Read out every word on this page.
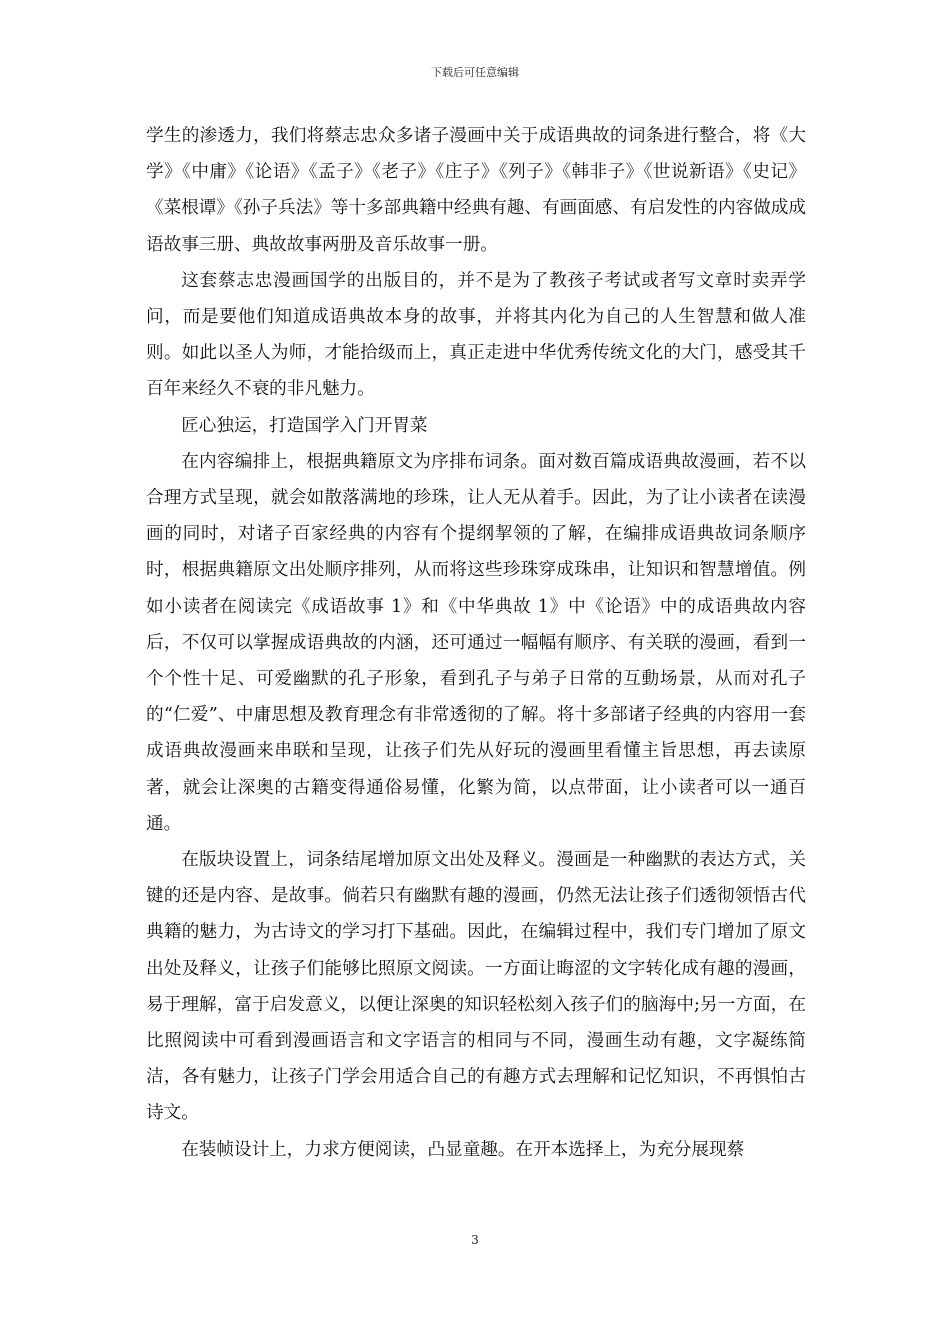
下载后可任意编辑

学生的渗透力，我们将蔡志忠众多诸子漫画中关于成语典故的词条进行整合，将《大学》《中庸》《论语》《孟子》《老子》《庄子》《列子》《韩非子》《世说新语》《史记》《菜根谭》《孙子兵法》等十多部典籍中经典有趣、有画面感、有启发性的内容做成成语故事三册、典故故事两册及音乐故事一册。

这套蔡志忠漫画国学的出版目的，并不是为了教孩子考试或者写文章时卖弄学问，而是要他们知道成语典故本身的故事，并将其内化为自己的人生智慧和做人准则。如此以圣人为师，才能拾级而上，真正走进中华优秀传统文化的大门，感受其千百年来经久不衰的非凡魅力。

匠心独运，打造国学入门开胃菜

在内容编排上，根据典籍原文为序排布词条。面对数百篇成语典故漫画，若不以合理方式呈现，就会如散落满地的珍珠，让人无从着手。因此，为了让小读者在读漫画的同时，对诸子百家经典的内容有个提纲挈领的了解，在编排成语典故词条顺序时，根据典籍原文出处顺序排列，从而将这些珍珠穿成珠串，让知识和智慧增值。例如小读者在阅读完《成语故事 1》和《中华典故 1》中《论语》中的成语典故内容后，不仅可以掌握成语典故的内涵，还可通过一幅幅有顺序、有关联的漫画，看到一个个性十足、可爱幽默的孔子形象，看到孔子与弟子日常的互動场景，从而对孔子的“仁爱”、中庸思想及教育理念有非常透彻的了解。将十多部诸子经典的内容用一套成语典故漫画来串联和呈现，让孩子们先从好玩的漫画里看懂主旨思想，再去读原著，就会让深奥的古籍变得通俗易懂，化繁为简，以点带面，让小读者可以一通百通。

在版块设置上，词条结尾增加原文出处及释义。漫画是一种幽默的表达方式，关键的还是内容、是故事。倘若只有幽默有趣的漫画，仍然无法让孩子们透彻领悟古代典籍的魅力，为古诗文的学习打下基础。因此，在编辑过程中，我们专门增加了原文出处及释义，让孩子们能够比照原文阅读。一方面让晦涩的文字转化成有趣的漫画，易于理解，富于启发意义，以便让深奥的知识轻松刻入孩子们的脑海中;另一方面，在比照阅读中可看到漫画语言和文字语言的相同与不同，漫画生动有趣，文字凝练简洁，各有魅力，让孩子门学会用适合自己的有趣方式去理解和记忆知识，不再惧怕古诗文。

在装帧设计上，力求方便阅读，凸显童趣。在开本选择上，为充分展现蔡

3
